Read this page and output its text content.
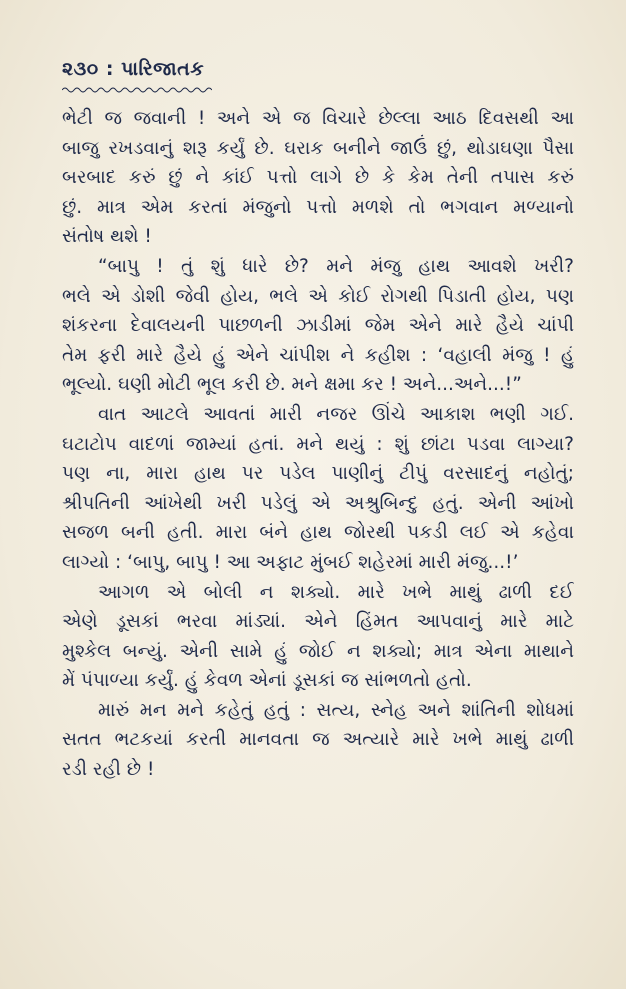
૨૩૦ : પારિજાતક
ભેટી જ જવાની ! અને એ જ વિચારે છેલ્લા આઠ દિવસથી આ
બાજુ રખડવાનું શરૂ કર્યું છે. ઘરાક બનીને જાઉં છું, થોડાઘણા પૈસા
બરબાદ કરું છું ને કાંઈ પત્તો લાગે છે કે કેમ તેની તપાસ કરું
છું. માત્ર એમ કરતાં મંજુનો પત્તો મળશે તો ભગવાન મળ્યાનો
સંતોષ થશે !
“બાપુ ! તું શું ધારે છે? મને મંજુ હાથ આવશે ખરી?
ભલે એ ડોશી જેવી હોય, ભલે એ કોઈ રોગથી પિડાતી હોય, પણ
શંકરના દેવાલયની પાછળની ઝાડીમાં જેમ એને મારે હૈયે ચાંપી
તેમ ફરી મારે હૈયે હું એને ચાંપીશ ને કહીશ : ‘વહાલી મંજુ ! હું
ભૂલ્યો. ઘણી મોટી ભૂલ કરી છે. મને ક્ષમા કર ! અને...અને...!”
વાત આટલે આવતાં મારી નજર ઊંચે આકાશ ભણી ગઈ.
ઘટાટોપ વાદળાં જામ્યાં હતાં. મને થયું : શું છાંટા પડવા લાગ્યા?
પણ ના, મારા હાથ પર પડેલ પાણીનું ટીપું વરસાદનું નહોતું;
શ્રીપતિની આંખેથી ખરી પડેલું એ અશ્રુબિન્દુ હતું. એની આંખો
સજળ બની હતી. મારા બંને હાથ જોરથી પકડી લઈ એ કહેવા
લાગ્યો : ‘બાપુ, બાપુ ! આ અફાટ મુંબઈ શહેરમાં મારી મંજુ...!’
આગળ એ બોલી ન શક્યો. મારે ખભે માથું ઢાળી દઈ
એણે ડૂસકાં ભરવા માંડ્યાં. એને હિંમત આપવાનું મારે માટે
મુશ્કેલ બન્યું. એની સામે હું જોઈ ન શક્યો; માત્ર એના માથાને
મેં પંપાળ્યા કર્યું. હું કેવળ એનાં ડૂસકાં જ સાંભળતો હતો.
મારું મન મને કહેતું હતું : સત્ય, સ્નેહ અને શાંતિની શોધમાં
સતત ભટકયાં કરતી માનવતા જ અત્યારે મારે ખભે માથું ઢાળી
રડી રહી છે !
